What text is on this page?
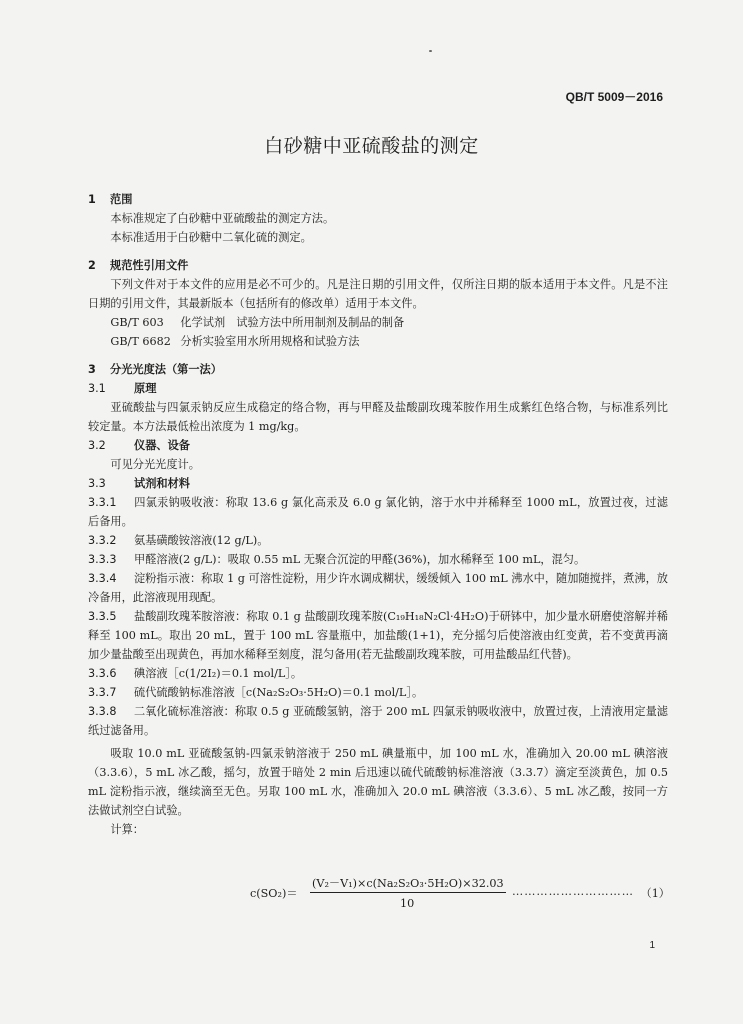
QB/T 5009－2016
白砂糖中亚硫酸盐的测定
1 范围

本标准规定了白砂糖中亚硫酸盐的测定方法。

本标准适用于白砂糖中二氧化硫的测定。

2 规范性引用文件

下列文件对于本文件的应用是必不可少的。凡是注日期的引用文件，仅所注日期的版本适用于本文件。凡是不注日期的引用文件，其最新版本（包括所有的修改单）适用于本文件。

GB/T 603 化学试剂　试验方法中所用制剂及制品的制备
GB/T 6682 分析实验室用水所用规格和试验方法
3 分光光度法（第一法）
3.1	原理

亚硫酸盐与四氯汞钠反应生成稳定的络合物，再与甲醛及盐酸副玫瑰苯胺作用生成紫红色络合物，与标准系列比较定量。本方法最低检出浓度为 1 mg/kg。

3.2	仪器、设备

可见分光光度计。

3.3	试剂和材料
3.3.1 四氯汞钠吸收液：称取 13.6 g 氯化高汞及 6.0 g 氯化钠，溶于水中并稀释至 1000 mL，放置过夜，过滤后备用。
3.3.2 氨基磺酸铵溶液(12 g/L)。
3.3.3 甲醛溶液(2 g/L)：吸取 0.55 mL 无聚合沉淀的甲醛(36%)，加水稀释至 100 mL，混匀。
3.3.4 淀粉指示液：称取 1 g 可溶性淀粉，用少许水调成糊状，缓缓倾入 100 mL 沸水中，随加随搅拌，煮沸，放冷备用，此溶液现用现配。
3.3.5 盐酸副玫瑰苯胺溶液：称取 0.1 g 盐酸副玫瑰苯胺(C₁₉H₁₈N₂Cl·4H₂O)于研钵中，加少量水研磨使溶解并稀释至 100 mL。取出 20 mL，置于 100 mL 容量瓶中，加盐酸(1+1)，充分摇匀后使溶液由红变黄，若不变黄再滴加少量盐酸至出现黄色，再加水稀释至刻度，混匀备用(若无盐酸副玫瑰苯胺，可用盐酸品红代替)。
3.3.6 碘溶液［c(1/2I₂)＝0.1 mol/L］。
3.3.7 硫代硫酸钠标准溶液［c(Na₂S₂O₃·5H₂O)＝0.1 mol/L］。
3.3.8 二氧化硫标准溶液：称取 0.5 g 亚硫酸氢钠，溶于 200 mL 四氯汞钠吸收液中，放置过夜，上清液用定量滤纸过滤备用。

吸取 10.0 mL 亚硫酸氢钠-四氯汞钠溶液于 250 mL 碘量瓶中，加 100 mL 水，准确加入 20.00 mL 碘溶液（3.3.6），5 mL 冰乙酸，摇匀，放置于暗处 2 min 后迅速以硫代硫酸钠标准溶液（3.3.7）滴定至淡黄色，加 0.5 mL 淀粉指示液，继续滴至无色。另取 100 mL 水，准确加入 20.0 mL 碘溶液（3.3.6）、5 mL 冰乙酸，按同一方法做试剂空白试验。

计算：

c(SO₂)＝
(V₂－V₁)×c(Na₂S₂O₃·5H₂O)×32.03
10
………………………… （1）
1
